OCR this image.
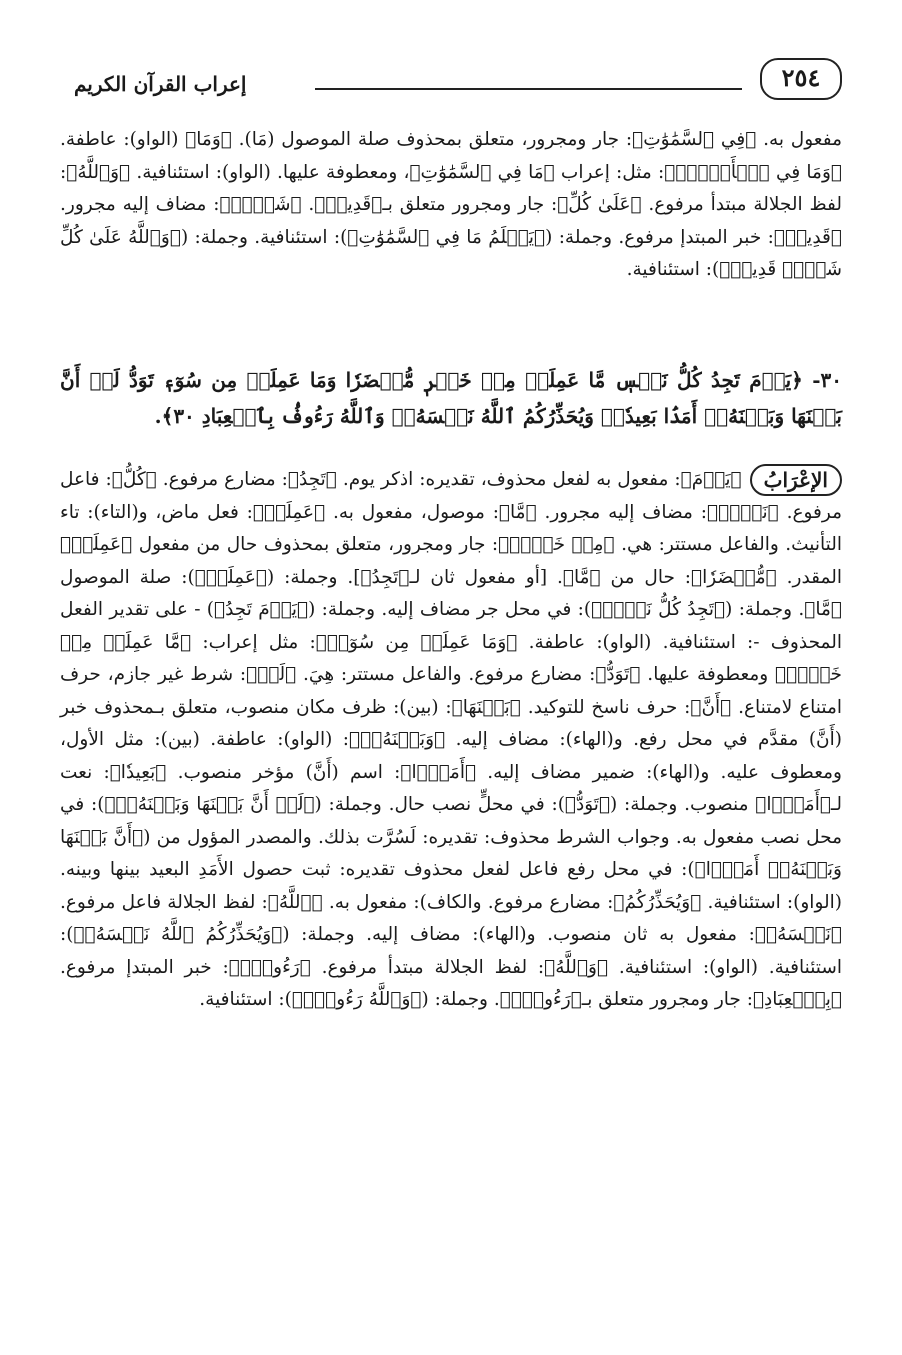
٢٥٤
إعراب القرآن الكريم

مفعول به. ﴿فِي ٱلسَّمَٰوَٰتِ﴾: جار ومجرور، متعلق بمحذوف صلة الموصول (مَا). ﴿وَمَا﴾ (الواو): عاطفة. ﴿وَمَا فِي ٱلۡأَرۡضِۗ﴾: مثل: إعراب ﴿مَا فِي ٱلسَّمَٰوَٰتِ﴾، ومعطوفة عليها. (الواو): استئنافية. ﴿وَٱللَّهُ﴾: لفظ الجلالة مبتدأ مرفوع. ﴿عَلَىٰ كُلِّ﴾: جار ومجرور متعلق بـ﴿قَدِيرٞ﴾. ﴿شَيۡءٖ﴾: مضاف إليه مجرور. ﴿قَدِيرٞ﴾: خبر المبتدإ مرفوع. وجملة: (﴿يَعۡلَمُ مَا فِي ٱلسَّمَٰوَٰتِ﴾): استئنافية. وجملة: (﴿وَٱللَّهُ عَلَىٰ كُلِّ شَيۡءٖ قَدِيرٞ﴾): استئنافية.

٣٠- ﴿يَوۡمَ تَجِدُ كُلُّ نَفۡسٖ مَّا عَمِلَتۡ مِنۡ خَيۡرٖ مُّحۡضَرٗا وَمَا عَمِلَتۡ مِن سُوٓءٖ تَوَدُّ لَوۡ أَنَّ بَيۡنَهَا وَبَيۡنَهُۥٓ أَمَدَۢا بَعِيدٗاۗ وَيُحَذِّرُكُمُ ٱللَّهُ نَفۡسَهُۥۗ وَٱللَّهُ رَءُوفُۢ بِٱلۡعِبَادِ ٣٠﴾.

الإعْرَابُ﴿يَوۡمَ﴾: مفعول به لفعل محذوف، تقديره: اذكر يوم. ﴿تَجِدُ﴾: مضارع مرفوع. ﴿كُلُّ﴾: فاعل مرفوع. ﴿نَفۡسٖ﴾: مضاف إليه مجرور. ﴿مَّا﴾: موصول، مفعول به. ﴿عَمِلَتۡ﴾: فعل ماض، و(التاء): تاء التأنيث. والفاعل مستتر: هي. ﴿مِنۡ خَيۡرٖ﴾: جار ومجرور، متعلق بمحذوف حال من مفعول ﴿عَمِلَتۡ﴾ المقدر. ﴿مُّحۡضَرٗا﴾: حال من ﴿مَّا﴾. [أو مفعول ثان لـ﴿تَجِدُ﴾]. وجملة: (﴿عَمِلَتۡ﴾): صلة الموصول ﴿مَّا﴾. وجملة: (﴿تَجِدُ كُلُّ نَفۡسٖ﴾): في محل جر مضاف إليه. وجملة: (﴿يَوۡمَ تَجِدُ﴾) - على تقدير الفعل المحذوف -: استئنافية. (الواو): عاطفة. ﴿وَمَا عَمِلَتۡ مِن سُوٓءٖ﴾: مثل إعراب: ﴿مَّا عَمِلَتۡ مِنۡ خَيۡرٖ﴾ ومعطوفة عليها. ﴿تَوَدُّ﴾: مضارع مرفوع. والفاعل مستتر: هِيَ. ﴿لَوۡ﴾: شرط غير جازم، حرف امتناع لامتناع. ﴿أَنَّ﴾: حرف ناسخ للتوكيد. ﴿بَيۡنَهَا﴾: (بين): ظرف مكان منصوب، متعلق بـمحذوف خبر (أَنَّ) مقدَّم في محل رفع. و(الهاء): مضاف إليه. ﴿وَبَيۡنَهُۥٓ﴾: (الواو): عاطفة. (بين): مثل الأول، ومعطوف عليه. و(الهاء): ضمير مضاف إليه. ﴿أَمَدَۢا﴾: اسم (أَنَّ) مؤخر منصوب. ﴿بَعِيدٗا﴾: نعت لـ﴿أَمَدَۢا﴾ منصوب. وجملة: (﴿تَوَدُّ﴾): في محلٍّ نصب حال. وجملة: (﴿لَوۡ أَنَّ بَيۡنَهَا وَبَيۡنَهُۥٓ﴾): في محل نصب مفعول به. وجواب الشرط محذوف: تقديره: لَسُرَّت بذلك. والمصدر المؤول من (﴿أَنَّ بَيۡنَهَا وَبَيۡنَهُۥٓ أَمَدَۢا﴾): في محل رفع فاعل لفعل محذوف تقديره: ثبت حصول الأَمَدِ البعيد بينها وبينه. (الواو): استئنافية. ﴿وَيُحَذِّرُكُمُ﴾: مضارع مرفوع. والكاف): مفعول به. ﴿ٱللَّهُ﴾: لفظ الجلالة فاعل مرفوع. ﴿نَفۡسَهُۥ﴾: مفعول به ثان منصوب. و(الهاء): مضاف إليه. وجملة: (﴿وَيُحَذِّرُكُمُ ٱللَّهُ نَفۡسَهُۥ﴾): استئنافية. (الواو): استئنافية. ﴿وَٱللَّهُ﴾: لفظ الجلالة مبتدأ مرفوع. ﴿رَءُوفُۢ﴾: خبر المبتدإ مرفوع. ﴿بِٱلۡعِبَادِ﴾: جار ومجرور متعلق بـ﴿رَءُوفُۢ﴾. وجملة: (﴿وَٱللَّهُ رَءُوفُۢ﴾): استئنافية.
